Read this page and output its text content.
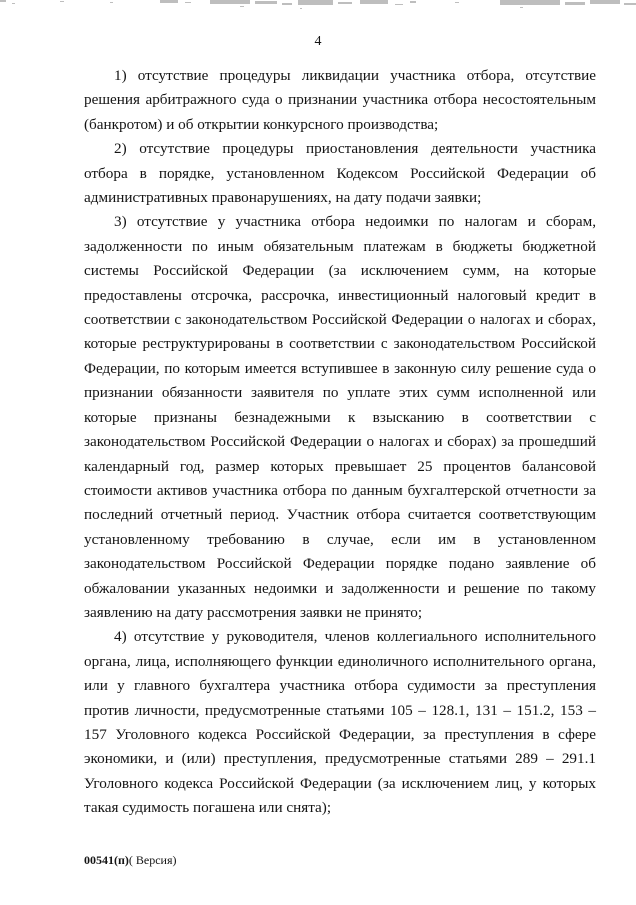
4

1) отсутствие процедуры ликвидации участника отбора, отсутствие решения арбитражного суда о признании участника отбора несостоятельным (банкротом) и об открытии конкурсного производства;

2) отсутствие процедуры приостановления деятельности участника отбора в порядке, установленном Кодексом Российской Федерации об административных правонарушениях, на дату подачи заявки;

3) отсутствие у участника отбора недоимки по налогам и сборам, задолженности по иным обязательным платежам в бюджеты бюджетной системы Российской Федерации (за исключением сумм, на которые предоставлены отсрочка, рассрочка, инвестиционный налоговый кредит в соответствии с законодательством Российской Федерации о налогах и сборах, которые реструктурированы в соответствии с законодательством Российской Федерации, по которым имеется вступившее в законную силу решение суда о признании обязанности заявителя по уплате этих сумм исполненной или которые признаны безнадежными к взысканию в соответствии с законодательством Российской Федерации о налогах и сборах) за прошедший календарный год, размер которых превышает 25 процентов балансовой стоимости активов участника отбора по данным бухгалтерской отчетности за последний отчетный период. Участник отбора считается соответствующим установленному требованию в случае, если им в установленном законодательством Российской Федерации порядке подано заявление об обжаловании указанных недоимки и задолженности и решение по такому заявлению на дату рассмотрения заявки не принято;

4) отсутствие у руководителя, членов коллегиального исполнительного органа, лица, исполняющего функции единоличного исполнительного органа, или у главного бухгалтера участника отбора судимости за преступления против личности, предусмотренные статьями 105 – 128.1, 131 – 151.2, 153 – 157 Уголовного кодекса Российской Федерации, за преступления в сфере экономики, и (или) преступления, предусмотренные статьями 289 – 291.1 Уголовного кодекса Российской Федерации (за исключением лиц, у которых такая судимость погашена или снята);

00541(п)( Версия)
